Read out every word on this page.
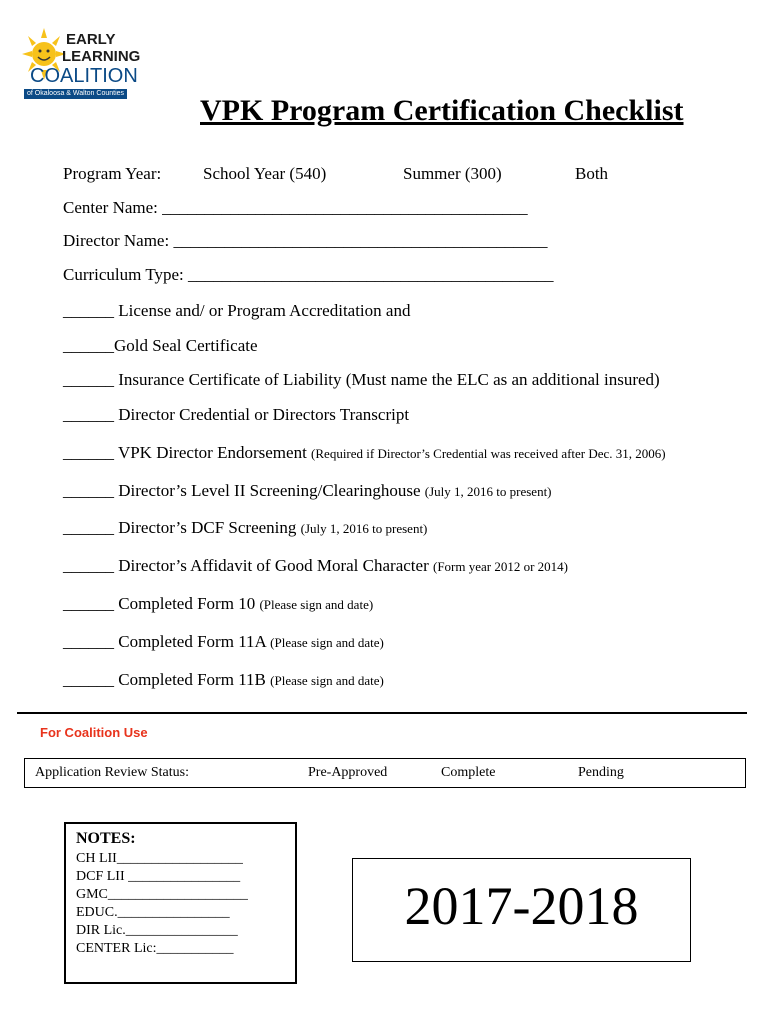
EARLY
LEARNING
COALITION
of Okaloosa & Walton Counties
VPK Program Certification Checklist
Program Year: School Year (540)	Summer (300)	Both
Center Name: ___________________________________________
Director Name: ____________________________________________
Curriculum Type: ___________________________________________
______ License and/ or Program Accreditation and
______Gold Seal Certificate
______ Insurance Certificate of Liability (Must name the ELC as an additional insured)
______ Director Credential or Directors Transcript
______ VPK Director Endorsement (Required if Director’s Credential was received after Dec. 31, 2006)
______ Director’s Level II Screening/Clearinghouse (July 1, 2016 to present)
______ Director’s DCF Screening (July 1, 2016 to present)
______ Director’s Affidavit of Good Moral Character (Form year 2012 or 2014)
______ Completed Form 10 (Please sign and date)
______ Completed Form 11A (Please sign and date)
______ Completed Form 11B (Please sign and date)
For Coalition Use
Application Review Status:	Pre-Approved	Complete	Pending
NOTES:
CH LII__________________
DCF LII ________________
GMC____________________
EDUC.________________
DIR Lic.________________
CENTER Lic:___________
2017-2018
